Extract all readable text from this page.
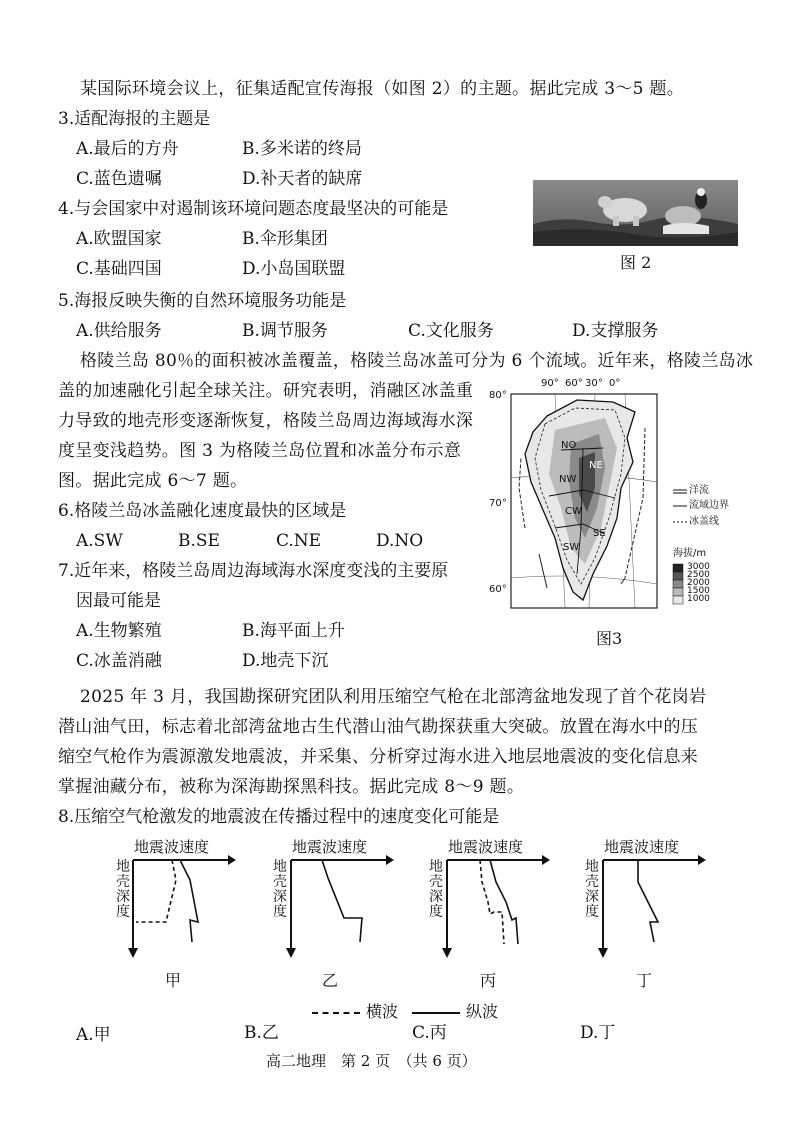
某国际环境会议上，征集适配宣传海报（如图 2）的主题。据此完成 3～5 题。
3.适配海报的主题是
A.最后的方舟	B.多米诺的终局
C.蓝色遗嘱	D.补天者的缺席
4.与会国家中对遏制该环境问题态度最坚决的可能是
A.欧盟国家	B.伞形集团
C.基础四国	D.小岛国联盟	图 2
5.海报反映失衡的自然环境服务功能是
A.供给服务	B.调节服务	C.文化服务	D.支撑服务
格陵兰岛 80％的面积被冰盖覆盖，格陵兰岛冰盖可分为 6 个流域。近年来，格陵兰岛冰
盖的加速融化引起全球关注。研究表明，消融区冰盖重
力导致的地壳形变逐渐恢复，格陵兰岛周边海域海水深
度呈变浅趋势。图 3 为格陵兰岛位置和冰盖分布示意
图。据此完成 6～7 题。
6.格陵兰岛冰盖融化速度最快的区域是
A.SW	B.SE	C.NE	D.NO
7.近年来，格陵兰岛周边海域海水深度变浅的主要原
因最可能是
A.生物繁殖	B.海平面上升
C.冰盖消融	D.地壳下沉
90° 60° 30° 0°
80°
70°
60°
NO
NE
NW
CW
SW
SE
洋流
流域边界
冰盖线
海拔/m
3000
2500
2000
1500
1000
图3
2025 年 3 月，我国勘探研究团队利用压缩空气枪在北部湾盆地发现了首个花岗岩
潜山油气田，标志着北部湾盆地古生代潜山油气勘探获重大突破。放置在海水中的压
缩空气枪作为震源激发地震波，并采集、分析穿过海水进入地层地震波的变化信息来
掌握油藏分布，被称为深海勘探黑科技。据此完成 8～9 题。
8.压缩空气枪激发的地震波在传播过程中的速度变化可能是
地震波速度
地壳深度
甲
地震波速度
地壳深度
乙
地震波速度
地壳深度
丙
地震波速度
地壳深度
丁
横波	纵波
A.甲	B.乙	C.丙	D.丁
高二地理　第 2 页　（共 6 页）
